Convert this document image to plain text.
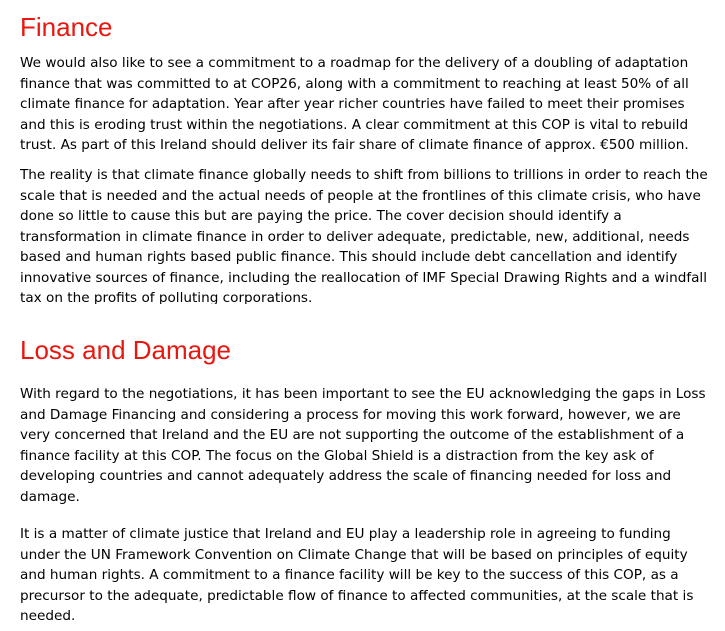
Finance

We would also like to see a commitment to a roadmap for the delivery of a doubling of adaptation
finance that was committed to at COP26, along with a commitment to reaching at least 50% of all
climate finance for adaptation. Year after year richer countries have failed to meet their promises
and this is eroding trust within the negotiations. A clear commitment at this COP is vital to rebuild
trust. As part of this Ireland should deliver its fair share of climate finance of approx. €500 million.

The reality is that climate finance globally needs to shift from billions to trillions in order to reach the
scale that is needed and the actual needs of people at the frontlines of this climate crisis, who have
done so little to cause this but are paying the price. The cover decision should identify a
transformation in climate finance in order to deliver adequate, predictable, new, additional, needs
based and human rights based public finance. This should include debt cancellation and identify
innovative sources of finance, including the reallocation of IMF Special Drawing Rights and a windfall
tax on the profits of polluting corporations.

Loss and Damage

With regard to the negotiations, it has been important to see the EU acknowledging the gaps in Loss
and Damage Financing and considering a process for moving this work forward, however, we are
very concerned that Ireland and the EU are not supporting the outcome of the establishment of a
finance facility at this COP. The focus on the Global Shield is a distraction from the key ask of
developing countries and cannot adequately address the scale of financing needed for loss and
damage.

It is a matter of climate justice that Ireland and EU play a leadership role in agreeing to funding
under the UN Framework Convention on Climate Change that will be based on principles of equity
and human rights. A commitment to a finance facility will be key to the success of this COP, as a
precursor to the adequate, predictable flow of finance to affected communities, at the scale that is
needed.
